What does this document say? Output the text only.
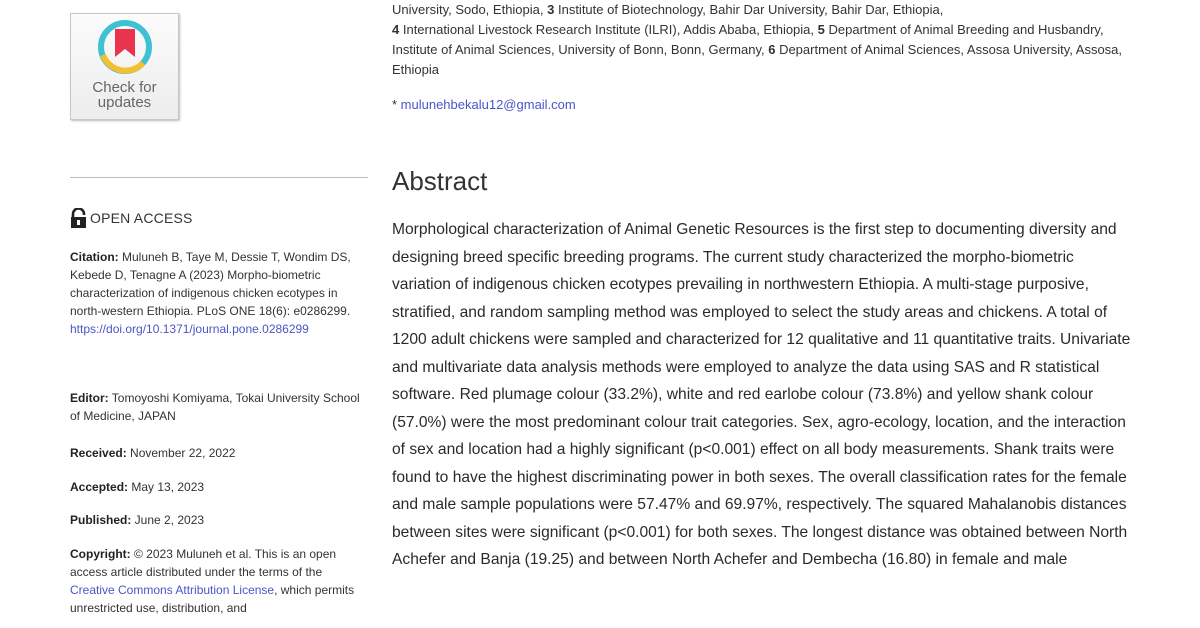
Check for
updates
OPEN ACCESS
Citation: Muluneh B, Taye M, Dessie T, Wondim DS, Kebede D, Tenagne A (2023) Morpho-biometric characterization of indigenous chicken ecotypes in north-western Ethiopia. PLoS ONE 18(6): e0286299. https://doi.org/10.1371/journal.pone.0286299
Editor: Tomoyoshi Komiyama, Tokai University School of Medicine, JAPAN
Received: November 22, 2022
Accepted: May 13, 2023
Published: June 2, 2023
Copyright: © 2023 Muluneh et al. This is an open access article distributed under the terms of the Creative Commons Attribution License, which permits unrestricted use, distribution, and
University, Sodo, Ethiopia, 3 Institute of Biotechnology, Bahir Dar University, Bahir Dar, Ethiopia,
4 International Livestock Research Institute (ILRI), Addis Ababa, Ethiopia, 5 Department of Animal Breeding and Husbandry, Institute of Animal Sciences, University of Bonn, Bonn, Germany, 6 Department of Animal Sciences, Assosa University, Assosa, Ethiopia
* mulunehbekalu12@gmail.com
Abstract

Morphological characterization of Animal Genetic Resources is the first step to documenting diversity and designing breed specific breeding programs. The current study characterized the morpho-biometric variation of indigenous chicken ecotypes prevailing in northwestern Ethiopia. A multi-stage purposive, stratified, and random sampling method was employed to select the study areas and chickens. A total of 1200 adult chickens were sampled and characterized for 12 qualitative and 11 quantitative traits. Univariate and multivariate data analysis methods were employed to analyze the data using SAS and R statistical software. Red plumage colour (33.2%), white and red earlobe colour (73.8%) and yellow shank colour (57.0%) were the most predominant colour trait categories. Sex, agro-ecology, location, and the interaction of sex and location had a highly significant (p<0.001) effect on all body measurements. Shank traits were found to have the highest discriminating power in both sexes. The overall classification rates for the female and male sample populations were 57.47% and 69.97%, respectively. The squared Mahalanobis distances between sites were significant (p<0.001) for both sexes. The longest distance was obtained between North Achefer and Banja (19.25) and between North Achefer and Dembecha (16.80) in female and male
